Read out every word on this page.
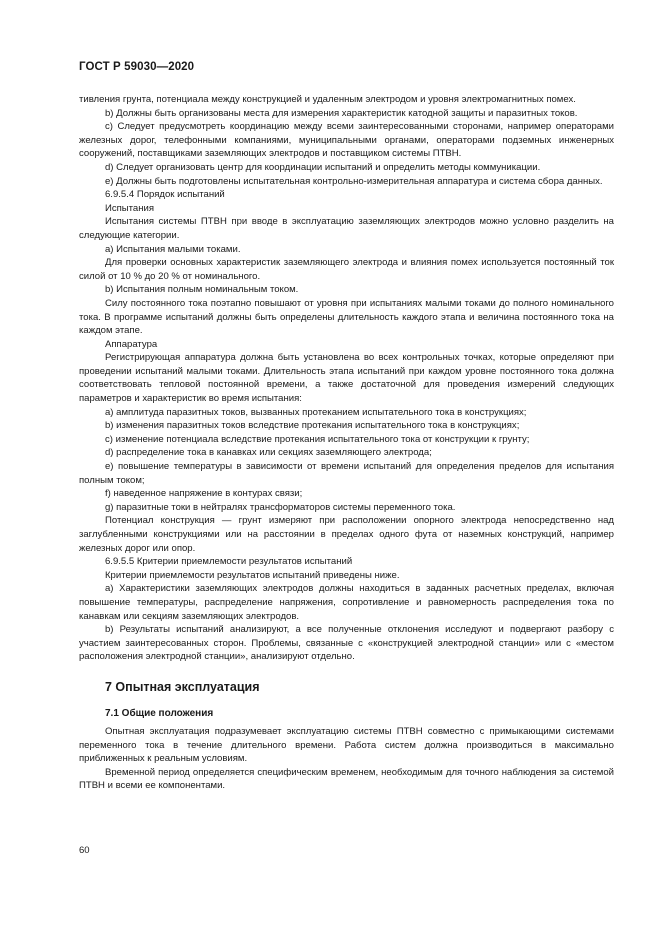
ГОСТ Р 59030—2020

тивления грунта, потенциала между конструкцией и удаленным электродом и уровня электромагнитных помех.

b) Должны быть организованы места для измерения характеристик катодной защиты и паразитных токов.

c) Следует предусмотреть координацию между всеми заинтересованными сторонами, например операторами железных дорог, телефонными компаниями, муниципальными органами, операторами подземных инженерных сооружений, поставщиками заземляющих электродов и поставщиком системы ПТВН.

d) Следует организовать центр для координации испытаний и определить методы коммуникации.

e) Должны быть подготовлены испытательная контрольно-измерительная аппаратура и система сбора данных.

6.9.5.4 Порядок испытаний

Испытания

Испытания системы ПТВН при вводе в эксплуатацию заземляющих электродов можно условно разделить на следующие категории.

a) Испытания малыми токами.

Для проверки основных характеристик заземляющего электрода и влияния помех используется постоянный ток силой от 10 % до 20 % от номинального.

b) Испытания полным номинальным током.

Силу постоянного тока поэтапно повышают от уровня при испытаниях малыми токами до полного номинального тока. В программе испытаний должны быть определены длительность каждого этапа и величина постоянного тока на каждом этапе.

Аппаратура

Регистрирующая аппаратура должна быть установлена во всех контрольных точках, которые определяют при проведении испытаний малыми токами. Длительность этапа испытаний при каждом уровне постоянного тока должна соответствовать тепловой постоянной времени, а также достаточной для проведения измерений следующих параметров и характеристик во время испытания:

a) амплитуда паразитных токов, вызванных протеканием испытательного тока в конструкциях;

b) изменения паразитных токов вследствие протекания испытательного тока в конструкциях;

c) изменение потенциала вследствие протекания испытательного тока от конструкции к грунту;

d) распределение тока в канавках или секциях заземляющего электрода;

e) повышение температуры в зависимости от времени испытаний для определения пределов для испытания полным током;

f) наведенное напряжение в контурах связи;

g) паразитные токи в нейтралях трансформаторов системы переменного тока.

Потенциал конструкция — грунт измеряют при расположении опорного электрода непосредственно над заглубленными конструкциями или на расстоянии в пределах одного фута от наземных конструкций, например железных дорог или опор.

6.9.5.5 Критерии приемлемости результатов испытаний

Критерии приемлемости результатов испытаний приведены ниже.

a) Характеристики заземляющих электродов должны находиться в заданных расчетных пределах, включая повышение температуры, распределение напряжения, сопротивление и равномерность распределения тока по канавкам или секциям заземляющих электродов.

b) Результаты испытаний анализируют, а все полученные отклонения исследуют и подвергают разбору с участием заинтересованных сторон. Проблемы, связанные с «конструкцией электродной станции» или с «местом расположения электродной станции», анализируют отдельно.

7 Опытная эксплуатация
7.1 Общие положения

Опытная эксплуатация подразумевает эксплуатацию системы ПТВН совместно с примыкающими системами переменного тока в течение длительного времени. Работа систем должна производиться в максимально приближенных к реальным условиям.

Временной период определяется специфическим временем, необходимым для точного наблюдения за системой ПТВН и всеми ее компонентами.

60
